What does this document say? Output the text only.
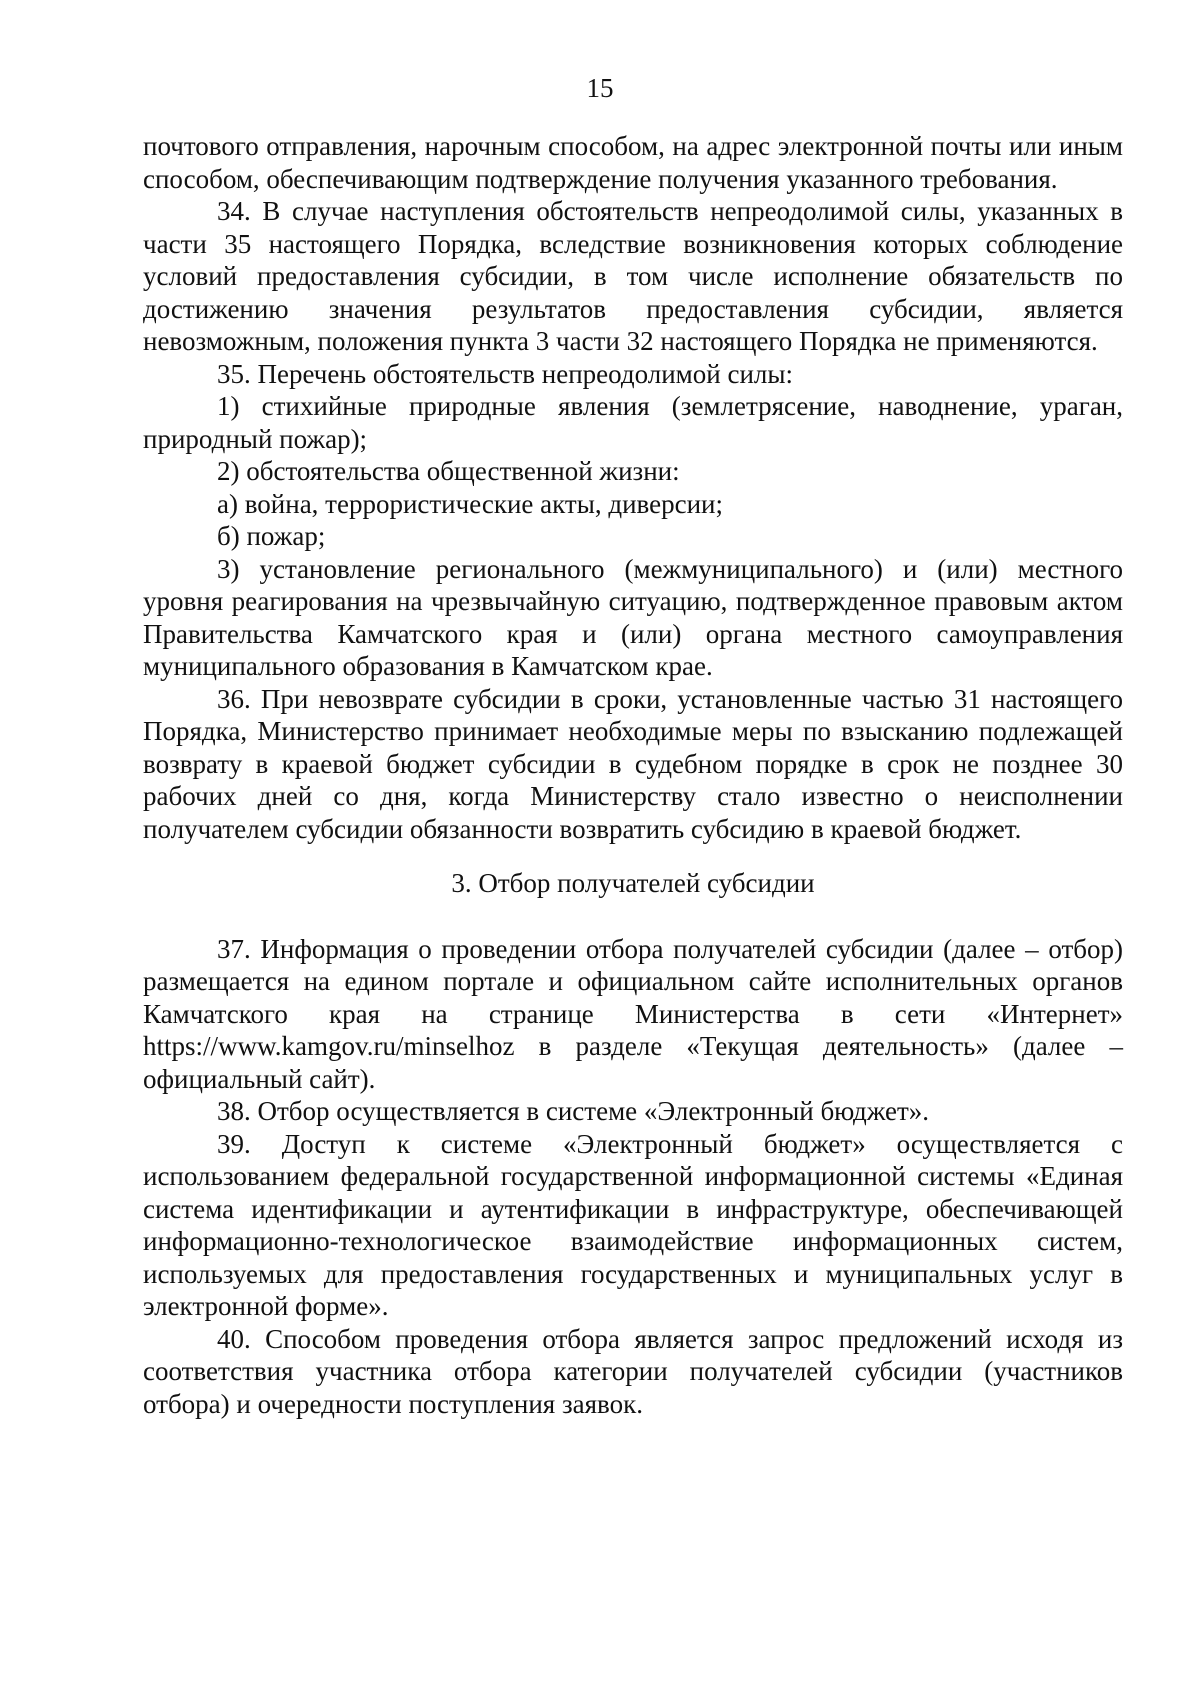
15

почтового отправления, нарочным способом, на адрес электронной почты или иным способом, обеспечивающим подтверждение получения указанного требования.

34. В случае наступления обстоятельств непреодолимой силы, указанных в части 35 настоящего Порядка, вследствие возникновения которых соблюдение условий предоставления субсидии, в том числе исполнение обязательств по достижению значения результатов предоставления субсидии, является невозможным, положения пункта 3 части 32 настоящего Порядка не применяются.

35. Перечень обстоятельств непреодолимой силы:

1) стихийные природные явления (землетрясение, наводнение, ураган, природный пожар);

2) обстоятельства общественной жизни:

а) война, террористические акты, диверсии;

б) пожар;

3) установление регионального (межмуниципального) и (или) местного уровня реагирования на чрезвычайную ситуацию, подтвержденное правовым актом Правительства Камчатского края и (или) органа местного самоуправления муниципального образования в Камчатском крае.

36. При невозврате субсидии в сроки, установленные частью 31 настоящего Порядка, Министерство принимает необходимые меры по взысканию подлежащей возврату в краевой бюджет субсидии в судебном порядке в срок не позднее 30 рабочих дней со дня, когда Министерству стало известно о неисполнении получателем субсидии обязанности возвратить субсидию в краевой бюджет.

3. Отбор получателей субсидии

37. Информация о проведении отбора получателей субсидии (далее – отбор) размещается на едином портале и официальном сайте исполнительных органов Камчатского края на странице Министерства в сети «Интернет» https://www.kamgov.ru/minselhoz в разделе «Текущая деятельность» (далее – официальный сайт).

38. Отбор осуществляется в системе «Электронный бюджет».

39. Доступ к системе «Электронный бюджет» осуществляется с использованием федеральной государственной информационной системы «Единая система идентификации и аутентификации в инфраструктуре, обеспечивающей информационно-технологическое взаимодействие информационных систем, используемых для предоставления государственных и муниципальных услуг в электронной форме».

40. Способом проведения отбора является запрос предложений исходя из соответствия участника отбора категории получателей субсидии (участников отбора) и очередности поступления заявок.
